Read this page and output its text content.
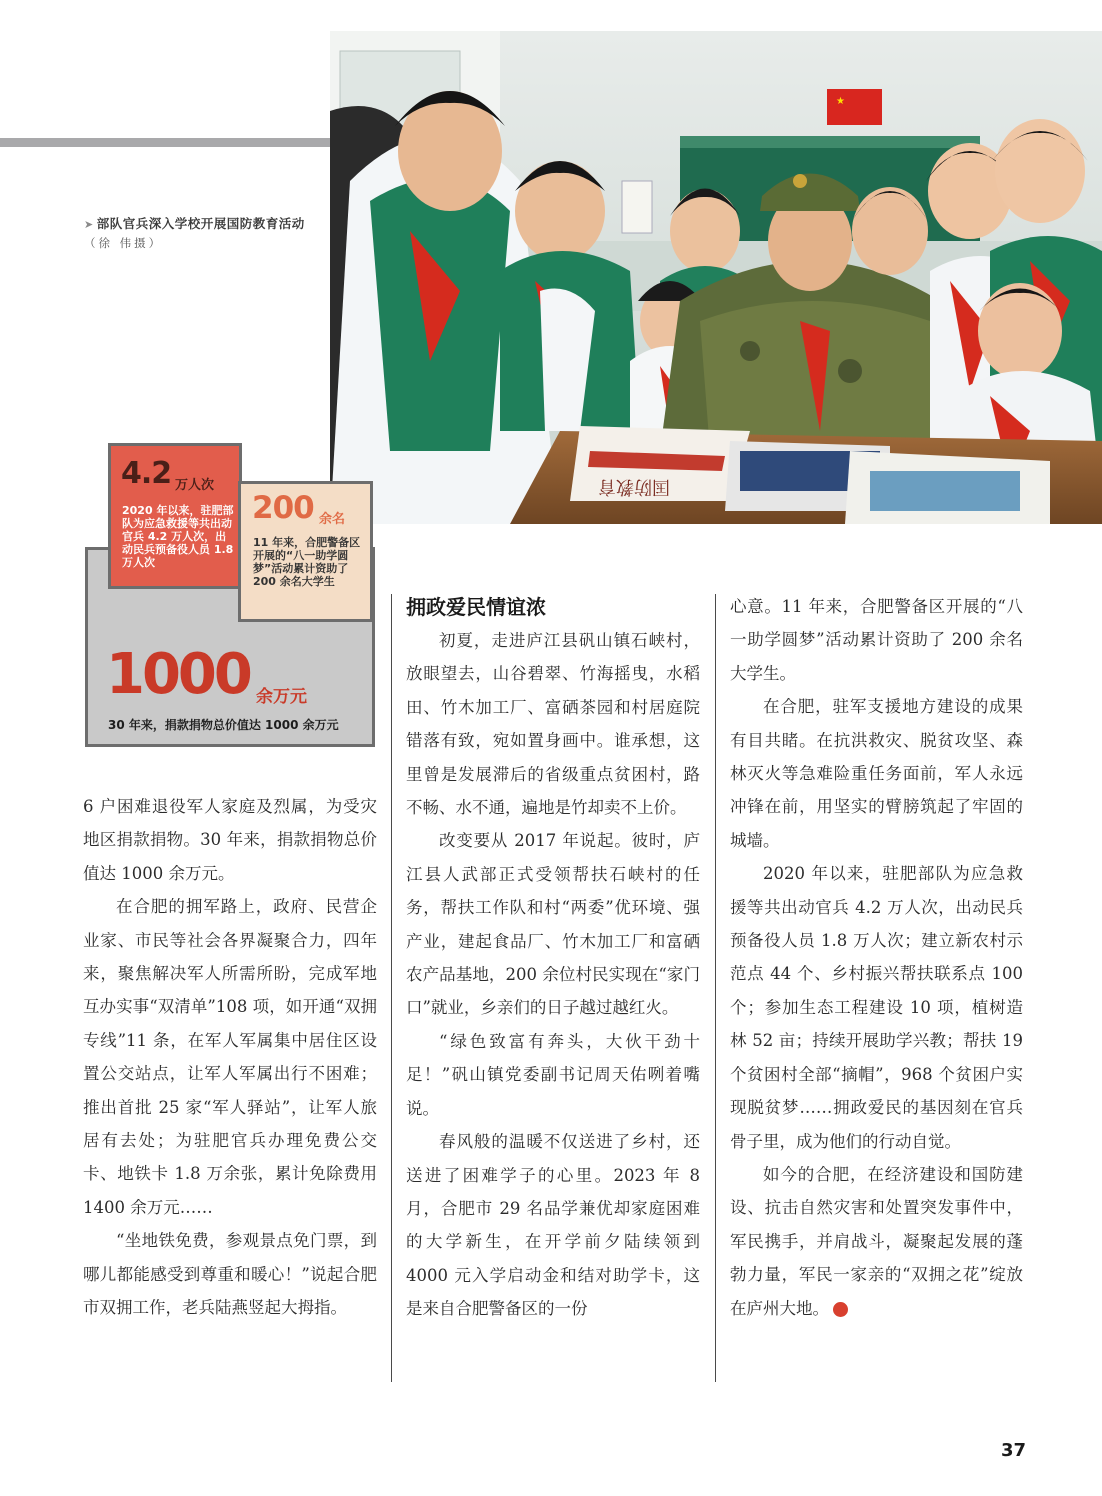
★
国防教育
➤ 部队官兵深入学校开展国防教育活动
（徐 伟摄）
1000 余万元
30 年来，捐款捐物总价值达 1000 余万元
4.2 万人次
2020 年以来，驻肥部队为应急救援等共出动官兵 4.2 万人次，出动民兵预备役人员 1.8 万人次
200 余名
11 年来，合肥警备区开展的“八一助学圆梦”活动累计资助了 200 余名大学生

6 户困难退役军人家庭及烈属，为受灾地区捐款捐物。30 年来，捐款捐物总价值达 1000 余万元。

在合肥的拥军路上，政府、民营企业家、市民等社会各界凝聚合力，四年来，聚焦解决军人所需所盼，完成军地互办实事“双清单”108 项，如开通“双拥专线”11 条，在军人军属集中居住区设置公交站点，让军人军属出行不困难；推出首批 25 家“军人驿站”，让军人旅居有去处；为驻肥官兵办理免费公交卡、地铁卡 1.8 万余张，累计免除费用 1400 余万元……

“坐地铁免费，参观景点免门票，到哪儿都能感受到尊重和暖心！”说起合肥市双拥工作，老兵陆燕竖起大拇指。

拥政爱民情谊浓

初夏，走进庐江县矾山镇石峡村，放眼望去，山谷碧翠、竹海摇曳，水稻田、竹木加工厂、富硒茶园和村居庭院错落有致，宛如置身画中。谁承想，这里曾是发展滞后的省级重点贫困村，路不畅、水不通，遍地是竹却卖不上价。

改变要从 2017 年说起。彼时，庐江县人武部正式受领帮扶石峡村的任务，帮扶工作队和村“两委”优环境、强产业，建起食品厂、竹木加工厂和富硒农产品基地，200 余位村民实现在“家门口”就业，乡亲们的日子越过越红火。

“绿色致富有奔头，大伙干劲十足！”矾山镇党委副书记周天佑咧着嘴说。

春风般的温暖不仅送进了乡村，还送进了困难学子的心里。2023 年 8 月，合肥市 29 名品学兼优却家庭困难的大学新生，在开学前夕陆续领到 4000 元入学启动金和结对助学卡，这是来自合肥警备区的一份

心意。11 年来，合肥警备区开展的“八一助学圆梦”活动累计资助了 200 余名大学生。

在合肥，驻军支援地方建设的成果有目共睹。在抗洪救灾、脱贫攻坚、森林灭火等急难险重任务面前，军人永远冲锋在前，用坚实的臂膀筑起了牢固的城墙。

2020 年以来，驻肥部队为应急救援等共出动官兵 4.2 万人次，出动民兵预备役人员 1.8 万人次；建立新农村示范点 44 个、乡村振兴帮扶联系点 100 个；参加生态工程建设 10 项，植树造林 52 亩；持续开展助学兴教；帮扶 19 个贫困村全部“摘帽”，968 个贫困户实现脱贫梦……拥政爱民的基因刻在官兵骨子里，成为他们的行动自觉。

如今的合肥，在经济建设和国防建设、抗击自然灾害和处置突发事件中，军民携手，并肩战斗，凝聚起发展的蓬勃力量，军民一家亲的“双拥之花”绽放在庐州大地。	N

37
